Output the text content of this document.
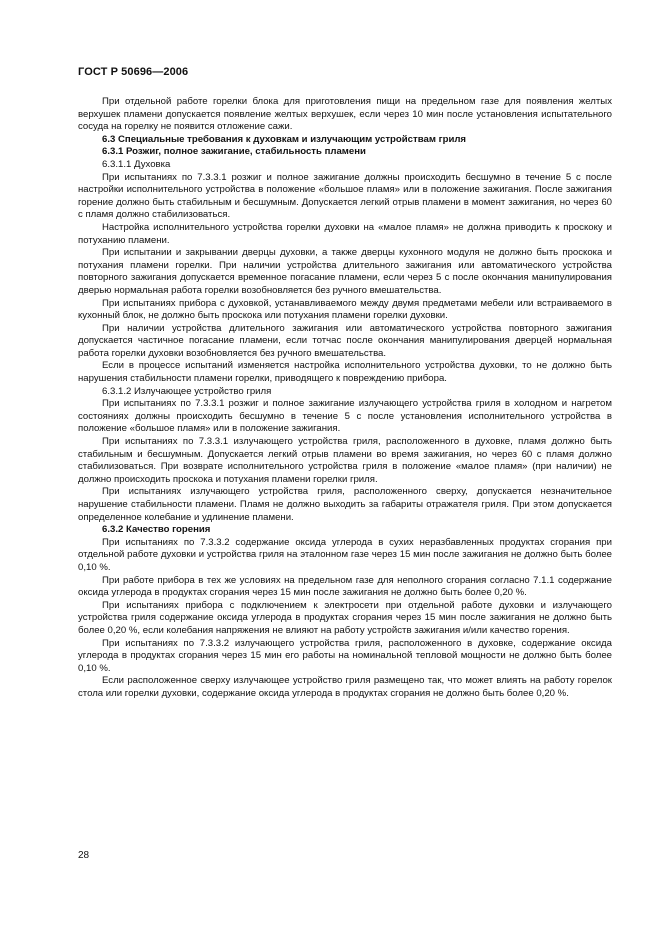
ГОСТ Р 50696—2006

При отдельной работе горелки блока для приготовления пищи на предельном газе для появления желтых верхушек пламени допускается появление желтых верхушек, если через 10 мин после установления испытательного сосуда на горелку не появится отложение сажи.

6.3 Специальные требования к духовкам и излучающим устройствам гриля

6.3.1 Розжиг, полное зажигание, стабильность пламени

6.3.1.1 Духовка

При испытаниях по 7.3.3.1 розжиг и полное зажигание должны происходить бесшумно в течение 5 с после настройки исполнительного устройства в положение «большое пламя» или в положение зажигания. После зажигания горение должно быть стабильным и бесшумным. Допускается легкий отрыв пламени в момент зажигания, но через 60 с пламя должно стабилизоваться.

Настройка исполнительного устройства горелки духовки на «малое пламя» не должна приводить к проскоку и потуханию пламени.

При испытании и закрывании дверцы духовки, а также дверцы кухонного модуля не должно быть проскока и потухания пламени горелки. При наличии устройства длительного зажигания или автоматического устройства повторного зажигания допускается временное погасание пламени, если через 5 с после окончания манипулирования дверью нормальная работа горелки возобновляется без ручного вмешательства.

При испытаниях прибора с духовкой, устанавливаемого между двумя предметами мебели или встраиваемого в кухонный блок, не должно быть проскока или потухания пламени горелки духовки.

При наличии устройства длительного зажигания или автоматического устройства повторного зажигания допускается частичное погасание пламени, если тотчас после окончания манипулирования дверцей нормальная работа горелки духовки возобновляется без ручного вмешательства.

Если в процессе испытаний изменяется настройка исполнительного устройства духовки, то не должно быть нарушения стабильности пламени горелки, приводящего к повреждению прибора.

6.3.1.2 Излучающее устройство гриля

При испытаниях по 7.3.3.1 розжиг и полное зажигание излучающего устройства гриля в холодном и нагретом состояниях должны происходить бесшумно в течение 5 с после установления исполнительного устройства в положение «большое пламя» или в положение зажигания.

При испытаниях по 7.3.3.1 излучающего устройства гриля, расположенного в духовке, пламя должно быть стабильным и бесшумным. Допускается легкий отрыв пламени во время зажигания, но через 60 с пламя должно стабилизоваться. При возврате исполнительного устройства гриля в положение «малое пламя» (при наличии) не должно происходить проскока и потухания пламени горелки гриля.

При испытаниях излучающего устройства гриля, расположенного сверху, допускается незначительное нарушение стабильности пламени. Пламя не должно выходить за габариты отражателя гриля. При этом допускается определенное колебание и удлинение пламени.

6.3.2 Качество горения

При испытаниях по 7.3.3.2 содержание оксида углерода в сухих неразбавленных продуктах сгорания при отдельной работе духовки и устройства гриля на эталонном газе через 15 мин после зажигания не должно быть более 0,10 %.

При работе прибора в тех же условиях на предельном газе для неполного сгорания согласно 7.1.1 содержание оксида углерода в продуктах сгорания через 15 мин после зажигания не должно быть более 0,20 %.

При испытаниях прибора с подключением к электросети при отдельной работе духовки и излучающего устройства гриля содержание оксида углерода в продуктах сгорания через 15 мин после зажигания не должно быть более 0,20 %, если колебания напряжения не влияют на работу устройств зажигания и/или качество горения.

При испытаниях по 7.3.3.2 излучающего устройства гриля, расположенного в духовке, содержание оксида углерода в продуктах сгорания через 15 мин его работы на номинальной тепловой мощности не должно быть более 0,10 %.

Если расположенное сверху излучающее устройство гриля размещено так, что может влиять на работу горелок стола или горелки духовки, содержание оксида углерода в продуктах сгорания не должно быть более 0,20 %.

28
